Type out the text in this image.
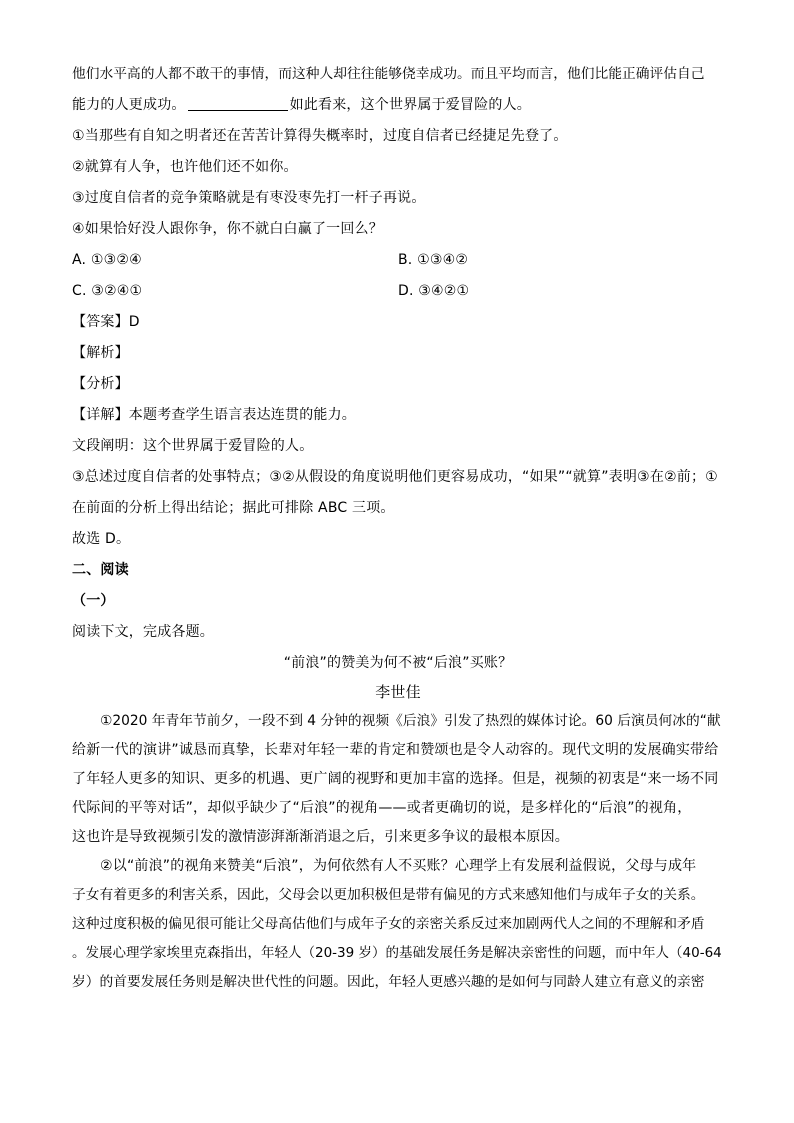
他们水平高的人都不敢干的事情，而这种人却往往能够侥幸成功。而且平均而言，他们比能正确评估自己

能力的人更成功。	如此看来，这个世界属于爱冒险的人。

①当那些有自知之明者还在苦苦计算得失概率时，过度自信者已经捷足先登了。

②就算有人争，也许他们还不如你。

③过度自信者的竞争策略就是有枣没枣先打一杆子再说。

④如果恰好没人跟你争，你不就白白赢了一回么？

A. ①③②④	B. ①③④②

C. ③②④①	D. ③④②①

【答案】D

【解析】

【分析】

【详解】本题考查学生语言表达连贯的能力。

文段阐明：这个世界属于爱冒险的人。

③总述过度自信者的处事特点；③②从假设的角度说明他们更容易成功，“如果”“就算”表明③在②前；①

在前面的分析上得出结论；据此可排除 ABC 三项。

故选 D。

二、阅读

（一）

阅读下文，完成各题。

“前浪”的赞美为何不被“后浪”买账？

李世佳

①2020 年青年节前夕，一段不到 4 分钟的视频《后浪》引发了热烈的媒体讨论。60 后演员何冰的“献

给新一代的演讲”诚恳而真挚，长辈对年轻一辈的肯定和赞颂也是令人动容的。现代文明的发展确实带给

了年轻人更多的知识、更多的机遇、更广阔的视野和更加丰富的选择。但是，视频的初衷是“来一场不同

代际间的平等对话”，却似乎缺少了“后浪”的视角——或者更确切的说，是多样化的“后浪”的视角，

这也许是导致视频引发的激情澎湃渐渐消退之后，引来更多争议的最根本原因。

②以“前浪”的视角来赞美“后浪”，为何依然有人不买账？心理学上有发展利益假说，父母与成年

子女有着更多的利害关系，因此，父母会以更加积极但是带有偏见的方式来感知他们与成年子女的关系。

这种过度积极的偏见很可能让父母高估他们与成年子女的亲密关系反过来加剧两代人之间的不理解和矛盾

。发展心理学家埃里克森指出，年轻人（20-39 岁）的基础发展任务是解决亲密性的问题，而中年人（40-64

岁）的首要发展任务则是解决世代性的问题。因此，年轻人更感兴趣的是如何与同龄人建立有意义的亲密
